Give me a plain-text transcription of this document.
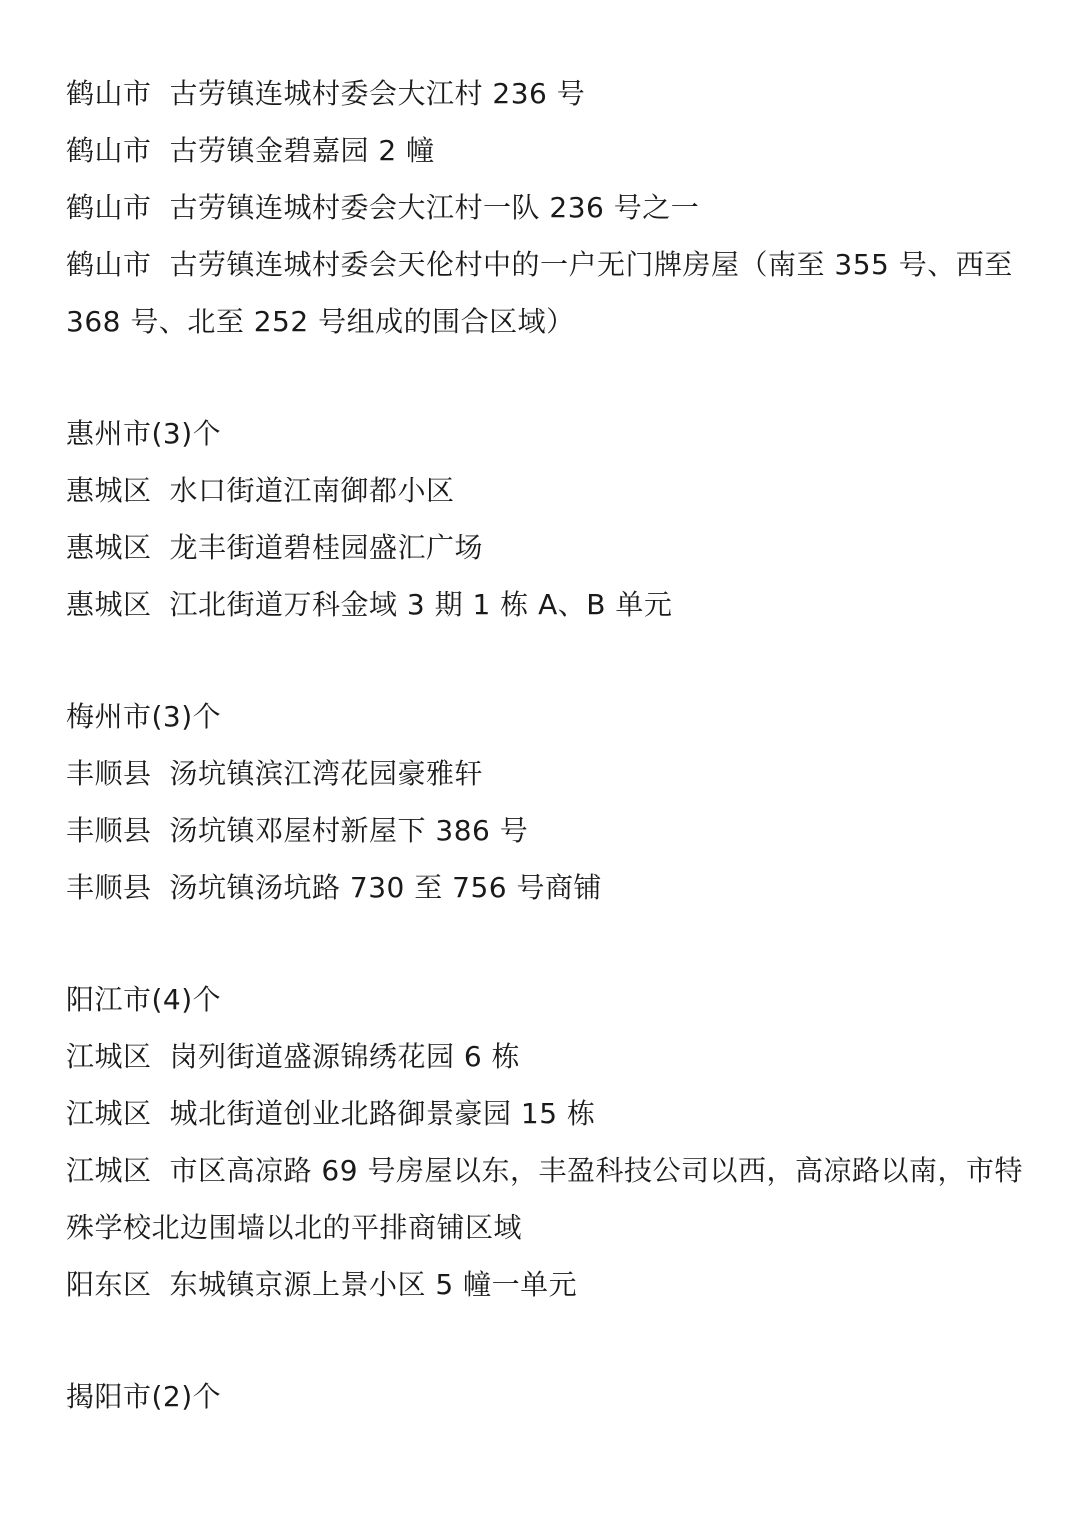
鹤山市 古劳镇连城村委会大江村 236 号
鹤山市 古劳镇金碧嘉园 2 幢
鹤山市 古劳镇连城村委会大江村一队 236 号之一
鹤山市 古劳镇连城村委会天伦村中的一户无门牌房屋（南至 355 号、西至
368 号、北至 252 号组成的围合区域）
惠州市(3)个
惠城区 水口街道江南御都小区
惠城区 龙丰街道碧桂园盛汇广场
惠城区 江北街道万科金域 3 期 1 栋 A、B 单元
梅州市(3)个
丰顺县 汤坑镇滨江湾花园豪雅轩
丰顺县 汤坑镇邓屋村新屋下 386 号
丰顺县 汤坑镇汤坑路 730 至 756 号商铺
阳江市(4)个
江城区 岗列街道盛源锦绣花园 6 栋
江城区 城北街道创业北路御景豪园 15 栋
江城区 市区高凉路 69 号房屋以东，丰盈科技公司以西，高凉路以南，市特
殊学校北边围墙以北的平排商铺区域
阳东区 东城镇京源上景小区 5 幢一单元
揭阳市(2)个
